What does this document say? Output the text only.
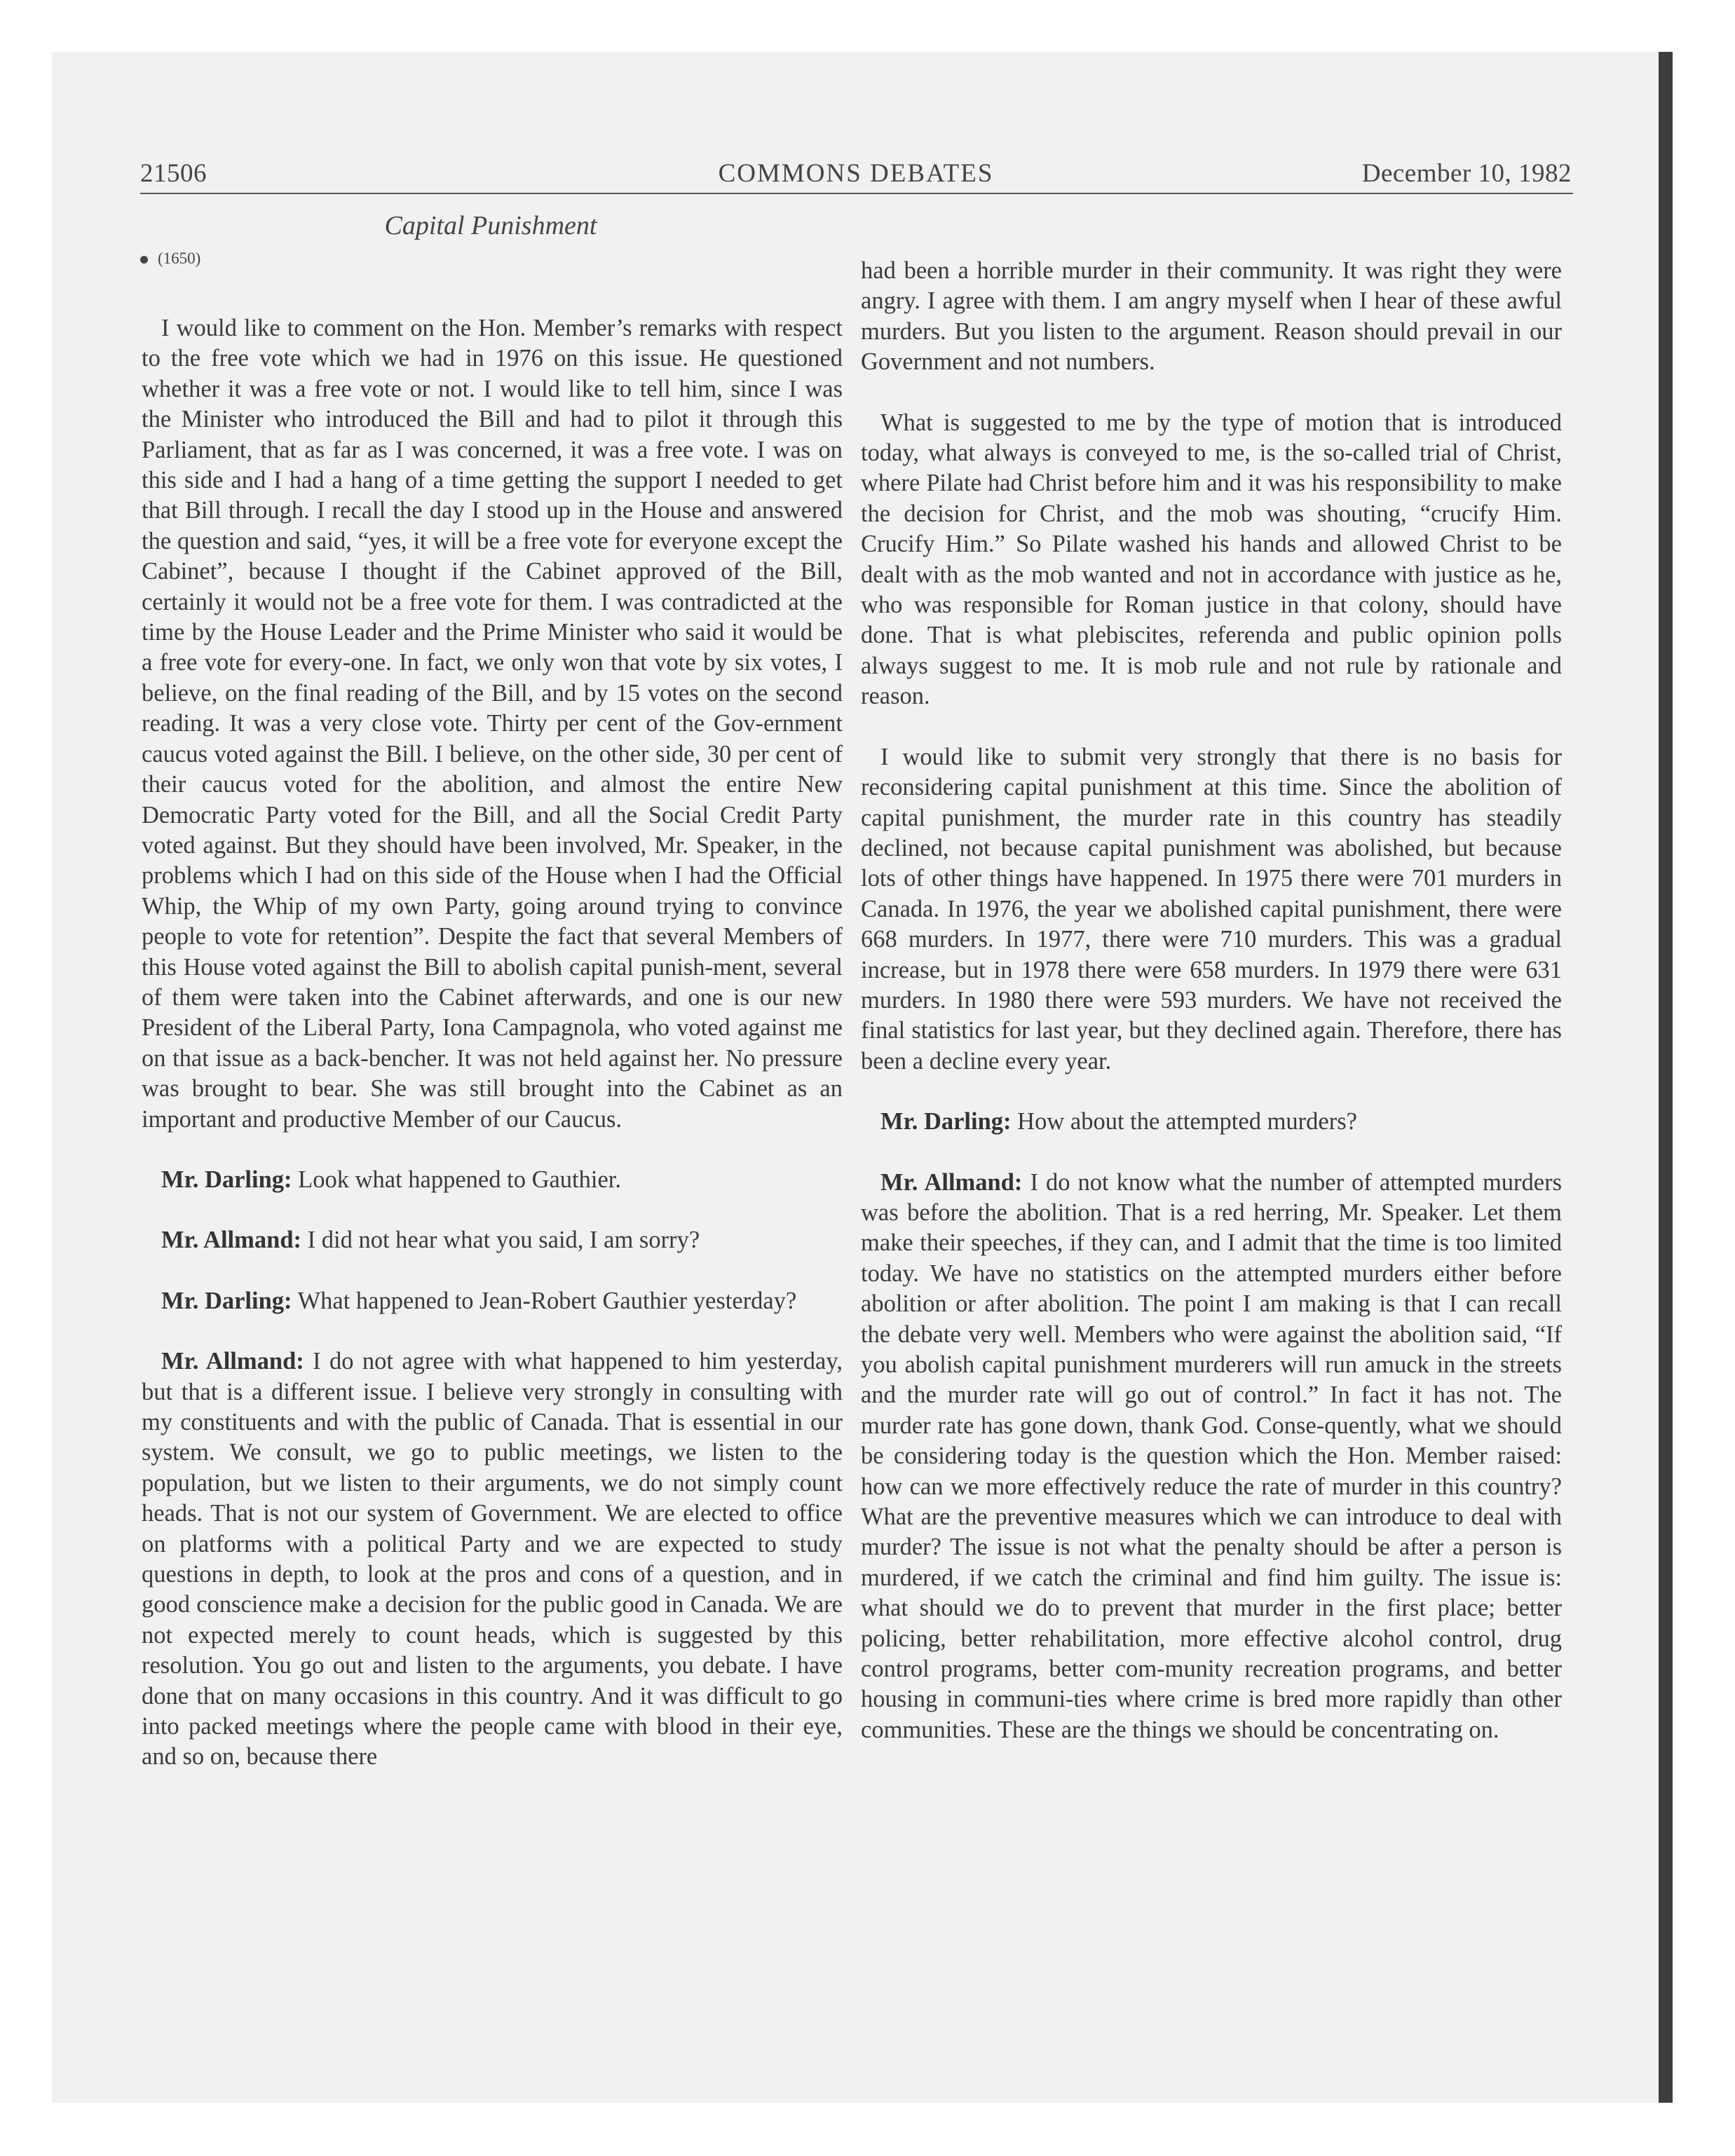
COMMONS DEBATES
21506	December 10, 1982
Capital Punishment
(1650)

I would like to comment on the Hon. Member’s remarks with respect to the free vote which we had in 1976 on this issue. He questioned whether it was a free vote or not. I would like to tell him, since I was the Minister who introduced the Bill and had to pilot it through this Parliament, that as far as I was concerned, it was a free vote. I was on this side and I had a hang of a time getting the support I needed to get that Bill through. I recall the day I stood up in the House and answered the question and said, “yes, it will be a free vote for everyone except the Cabinet”, because I thought if the Cabinet approved of the Bill, certainly it would not be a free vote for them. I was contradicted at the time by the House Leader and the Prime Minister who said it would be a free vote for every-one. In fact, we only won that vote by six votes, I believe, on the final reading of the Bill, and by 15 votes on the second reading. It was a very close vote. Thirty per cent of the Gov-ernment caucus voted against the Bill. I believe, on the other side, 30 per cent of their caucus voted for the abolition, and almost the entire New Democratic Party voted for the Bill, and all the Social Credit Party voted against. But they should have been involved, Mr. Speaker, in the problems which I had on this side of the House when I had the Official Whip, the Whip of my own Party, going around trying to convince people to vote for retention”. Despite the fact that several Members of this House voted against the Bill to abolish capital punish-ment, several of them were taken into the Cabinet afterwards, and one is our new President of the Liberal Party, Iona Campagnola, who voted against me on that issue as a back-bencher. It was not held against her. No pressure was brought to bear. She was still brought into the Cabinet as an important and productive Member of our Caucus.

Mr. Darling: Look what happened to Gauthier.

Mr. Allmand: I did not hear what you said, I am sorry?

Mr. Darling: What happened to Jean-Robert Gauthier yesterday?

Mr. Allmand: I do not agree with what happened to him yesterday, but that is a different issue. I believe very strongly in consulting with my constituents and with the public of Canada. That is essential in our system. We consult, we go to public meetings, we listen to the population, but we listen to their arguments, we do not simply count heads. That is not our system of Government. We are elected to office on platforms with a political Party and we are expected to study questions in depth, to look at the pros and cons of a question, and in good conscience make a decision for the public good in Canada. We are not expected merely to count heads, which is suggested by this resolution. You go out and listen to the arguments, you debate. I have done that on many occasions in this country. And it was difficult to go into packed meetings where the people came with blood in their eye, and so on, because there

had been a horrible murder in their community. It was right they were angry. I agree with them. I am angry myself when I hear of these awful murders. But you listen to the argument. Reason should prevail in our Government and not numbers.

What is suggested to me by the type of motion that is introduced today, what always is conveyed to me, is the so-called trial of Christ, where Pilate had Christ before him and it was his responsibility to make the decision for Christ, and the mob was shouting, “crucify Him. Crucify Him.” So Pilate washed his hands and allowed Christ to be dealt with as the mob wanted and not in accordance with justice as he, who was responsible for Roman justice in that colony, should have done. That is what plebiscites, referenda and public opinion polls always suggest to me. It is mob rule and not rule by rationale and reason.

I would like to submit very strongly that there is no basis for reconsidering capital punishment at this time. Since the abolition of capital punishment, the murder rate in this country has steadily declined, not because capital punishment was abolished, but because lots of other things have happened. In 1975 there were 701 murders in Canada. In 1976, the year we abolished capital punishment, there were 668 murders. In 1977, there were 710 murders. This was a gradual increase, but in 1978 there were 658 murders. In 1979 there were 631 murders. In 1980 there were 593 murders. We have not received the final statistics for last year, but they declined again. Therefore, there has been a decline every year.

Mr. Darling: How about the attempted murders?

Mr. Allmand: I do not know what the number of attempted murders was before the abolition. That is a red herring, Mr. Speaker. Let them make their speeches, if they can, and I admit that the time is too limited today. We have no statistics on the attempted murders either before abolition or after abolition. The point I am making is that I can recall the debate very well. Members who were against the abolition said, “If you abolish capital punishment murderers will run amuck in the streets and the murder rate will go out of control.” In fact it has not. The murder rate has gone down, thank God. Conse-quently, what we should be considering today is the question which the Hon. Member raised: how can we more effectively reduce the rate of murder in this country? What are the preventive measures which we can introduce to deal with murder? The issue is not what the penalty should be after a person is murdered, if we catch the criminal and find him guilty. The issue is: what should we do to prevent that murder in the first place; better policing, better rehabilitation, more effective alcohol control, drug control programs, better com-munity recreation programs, and better housing in communi-ties where crime is bred more rapidly than other communities. These are the things we should be concentrating on.
